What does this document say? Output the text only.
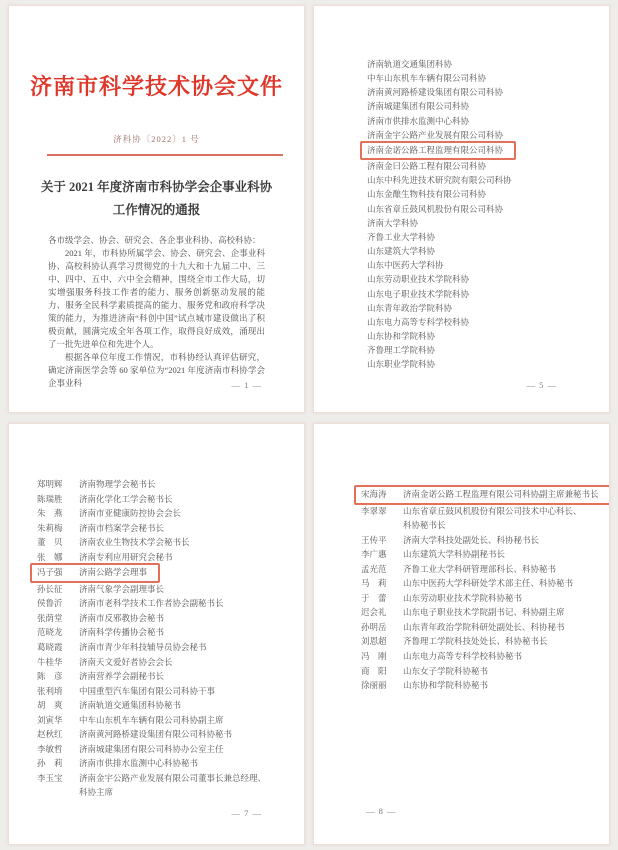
济南市科学技术协会文件
济科协〔2022〕1 号
关于 2021 年度济南市科协学会企事业科协
工作情况的通报

各市级学会、协会、研究会、各企事业科协、高校科协：

2021 年，市科协所属学会、协会、研究会、企事业科协、高校科协认真学习贯彻党的十九大和十九届二中、三中、四中、五中、六中全会精神，围绕全市工作大局，切实增强服务科技工作者的能力、服务创新驱动发展的能力、服务全民科学素质提高的能力、服务党和政府科学决策的能力，为推进济南“科创中国”试点城市建设做出了积极贡献，圆满完成全年各项工作，取得良好成效，涌现出了一批先进单位和先进个人。

根据各单位年度工作情况，市科协经认真评估研究，确定济南医学会等 60 家单位为“2021 年度济南市科协学会企事业科	— 1 —
济南轨道交通集团科协
中车山东机车车辆有限公司科协
济南黄河路桥建设集团有限公司科协
济南城建集团有限公司科协
济南市供排水监测中心科协
济南金宇公路产业发展有限公司科协
济南金诺公路工程监理有限公司科协
济南金曰公路工程有限公司科协
山东中科先进技术研究院有限公司科协
山东金酿生物科技有限公司科协
山东省章丘鼓风机股份有限公司科协
济南大学科协
齐鲁工业大学科协
山东建筑大学科协
山东中医药大学科协
山东劳动职业技术学院科协
山东电子职业技术学院科协
山东青年政治学院科协
山东电力高等专科学校科协
山东协和学院科协
齐鲁理工学院科协
山东职业学院科协
— 5 —
郑明辉 济南物理学会秘书长
陈瑞胜 济南化学化工学会秘书长
朱　燕 济南市亚健康防控协会会长
朱莉梅 济南市档案学会秘书长
董　贝 济南农业生物技术学会秘书长
张　娜 济南专利应用研究会秘书
冯子强 济南公路学会理事
孙长征 济南气象学会副理事长
侯鲁沂 济南市老科学技术工作者协会副秘书长
张荫堂 济南市反邪教协会秘书
范晓龙 济南科学传播协会秘书
葛晓霞 济南市青少年科技辅导员协会秘书
牛桂华 济南天文爱好者协会会长
陈　彦 济南营养学会副秘书长
张利堉 中国重型汽车集团有限公司科协干事
胡　爽 济南轨道交通集团科协秘书
刘寅华 中车山东机车车辆有限公司科协副主席
赵秋红 济南黄河路桥建设集团有限公司科协秘书
李敏哲 济南城建集团有限公司科协办公室主任
孙　莉 济南市供排水监测中心科协秘书
李玉宝 济南金宇公路产业发展有限公司董事长兼总经理、
科协主席
— 7 —
宋海涛 济南金诺公路工程监理有限公司科协副主席兼秘书长
李翠翠 山东省章丘鼓风机股份有限公司技术中心科长、
科协秘书长
王传平 济南大学科技处副处长、科协秘书长
李广惠 山东建筑大学科协副秘书长
孟光范 齐鲁工业大学科研管理部科长、科协秘书
马　莉 山东中医药大学科研处学术部主任、科协秘书
于　蕾 山东劳动职业技术学院科协秘书
迟会礼 山东电子职业技术学院副书记、科协副主席
孙明岳 山东青年政治学院科研处副处长、科协秘书
刘恩超 齐鲁理工学院科技处处长、科协秘书长
冯　刚 山东电力高等专科学校科协秘书
商　阳 山东女子学院科协秘书
徐丽丽 山东协和学院科协秘书
— 8 —
